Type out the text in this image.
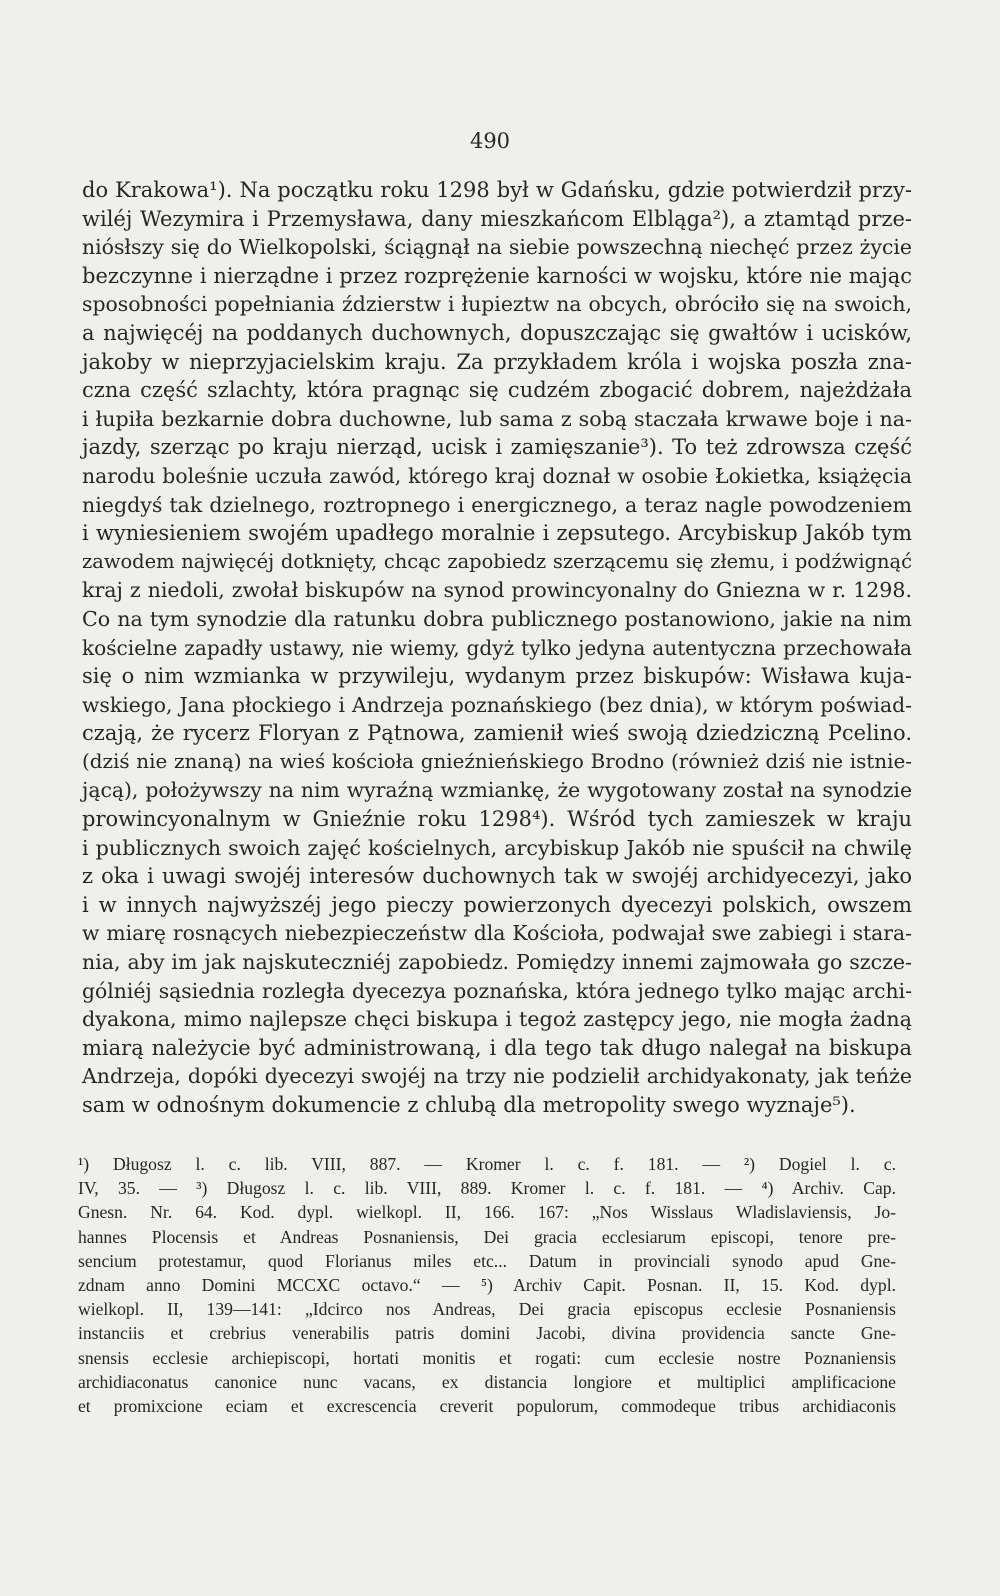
490
do Krakowa¹). Na początku roku 1298 był w Gdańsku, gdzie potwierdził przy-
wiléj Wezymira i Przemysława, dany mieszkańcom Elbląga²), a ztamtąd prze-
niósłszy się do Wielkopolski, ściągnął na siebie powszechną niechęć przez życie
bezczynne i nierządne i przez rozprężenie karności w wojsku, które nie mając
sposobności popełniania ździerstw i łupieztw na obcych, obróciło się na swoich,
a najwięcéj na poddanych duchownych, dopuszczając się gwałtów i ucisków,
jakoby w nieprzyjacielskim kraju. Za przykładem króla i wojska poszła zna-
czna część szlachty, która pragnąc się cudzém zbogacić dobrem, najeżdżała
i łupiła bezkarnie dobra duchowne, lub sama z sobą staczała krwawe boje i na-
jazdy, szerząc po kraju nierząd, ucisk i zamięszanie³). To też zdrowsza część
narodu boleśnie uczuła zawód, którego kraj doznał w osobie Łokietka, książęcia
niegdyś tak dzielnego, roztropnego i energicznego, a teraz nagle powodzeniem
i wyniesieniem swojém upadłego moralnie i zepsutego. Arcybiskup Jakób tym
zawodem najwięcéj dotknięty, chcąc zapobiedz szerzącemu się złemu, i podźwignąć
kraj z niedoli, zwołał biskupów na synod prowincyonalny do Gniezna w r. 1298.
Co na tym synodzie dla ratunku dobra publicznego postanowiono, jakie na nim
kościelne zapadły ustawy, nie wiemy, gdyż tylko jedyna autentyczna przechowała
się o nim wzmianka w przywileju, wydanym przez biskupów: Wisława kuja-
wskiego, Jana płockiego i Andrzeja poznańskiego (bez dnia), w którym poświad-
czają, że rycerz Floryan z Pątnowa, zamienił wieś swoją dziedziczną Pcelino.
(dziś nie znaną) na wieś kościoła gnieźnieńskiego Brodno (również dziś nie istnie-
jącą), położywszy na nim wyraźną wzmiankę, że wygotowany został na synodzie
prowincyonalnym w Gnieźnie roku 1298⁴). Wśród tych zamieszek w kraju
i publicznych swoich zajęć kościelnych, arcybiskup Jakób nie spuścił na chwilę
z oka i uwagi swojéj interesów duchownych tak w swojéj archidyecezyi, jako
i w innych najwyższéj jego pieczy powierzonych dyecezyi polskich, owszem
w miarę rosnących niebezpieczeństw dla Kościoła, podwajał swe zabiegi i stara-
nia, aby im jak najskuteczniéj zapobiedz. Pomiędzy innemi zajmowała go szcze-
gólniéj sąsiednia rozległa dyecezya poznańska, która jednego tylko mając archi-
dyakona, mimo najlepsze chęci biskupa i tegoż zastępcy jego, nie mogła żadną
miarą należycie być administrowaną, i dla tego tak długo nalegał na biskupa
Andrzeja, dopóki dyecezyi swojéj na trzy nie podzielił archidyakonaty, jak teńże
sam w odnośnym dokumencie z chlubą dla metropolity swego wyznaje⁵).
¹) Długosz l. c. lib. VIII, 887. — Kromer l. c. f. 181. — ²) Dogiel l. c.
IV, 35. — ³) Długosz l. c. lib. VIII, 889. Kromer l. c. f. 181. — ⁴) Archiv. Cap.
Gnesn. Nr. 64. Kod. dypl. wielkopl. II, 166. 167: „Nos Wisslaus Wladislaviensis, Jo-
hannes Plocensis et Andreas Posnaniensis, Dei gracia ecclesiarum episcopi, tenore pre-
sencium protestamur, quod Florianus miles etc... Datum in provinciali synodo apud Gne-
zdnam anno Domini MCCXC octavo.“ — ⁵) Archiv Capit. Posnan. II, 15. Kod. dypl.
wielkopl. II, 139—141: „Idcirco nos Andreas, Dei gracia episcopus ecclesie Posnaniensis
instanciis et crebrius venerabilis patris domini Jacobi, divina providencia sancte Gne-
snensis ecclesie archiepiscopi, hortati monitis et rogati: cum ecclesie nostre Poznaniensis
archidiaconatus canonice nunc vacans, ex distancia longiore et multiplici amplificacione
et promixcione eciam et excrescencia creverit populorum, commodeque tribus archidiaconis
